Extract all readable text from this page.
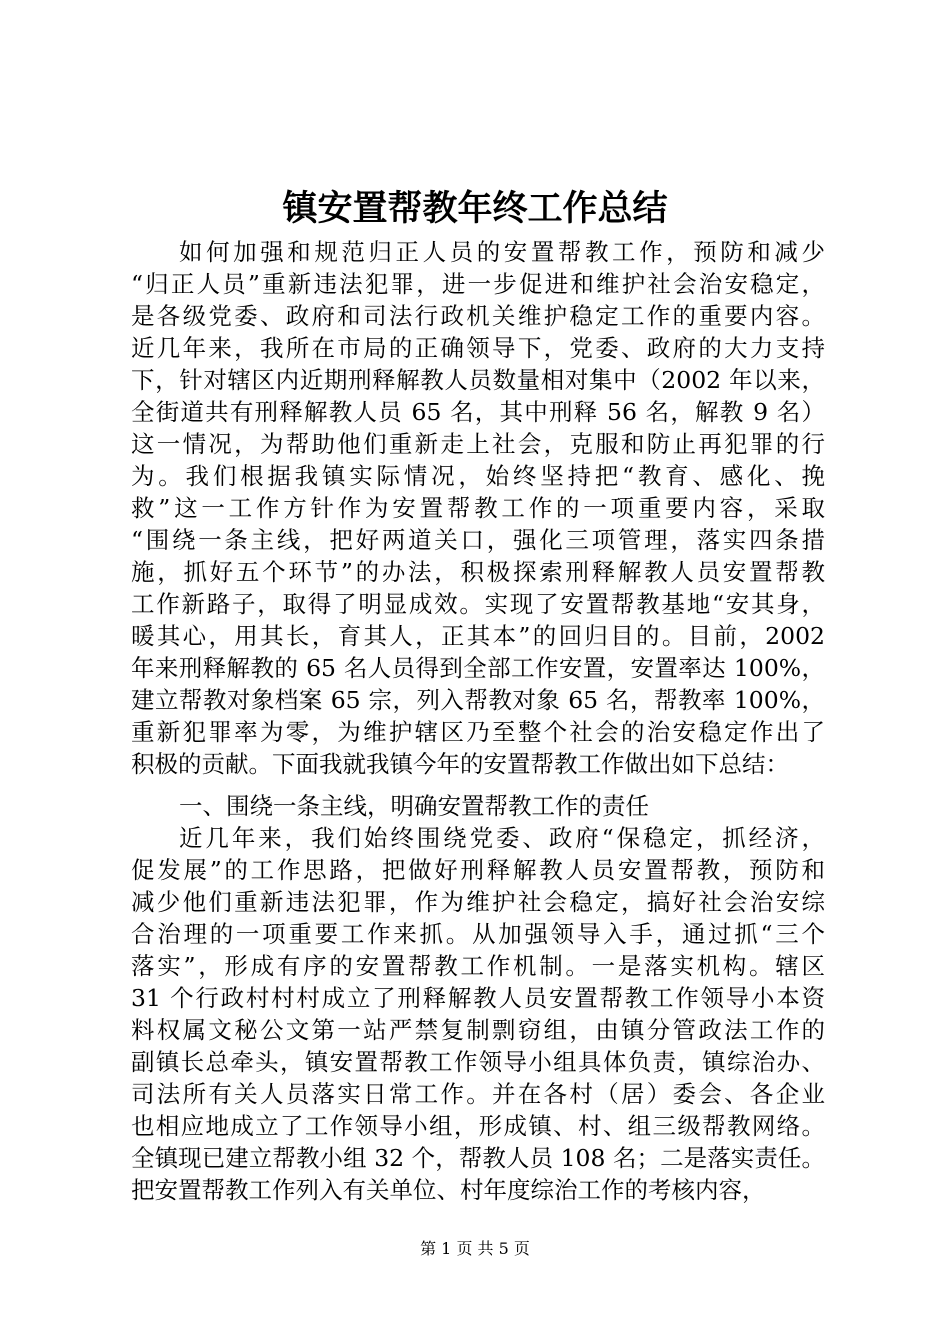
镇安置帮教年终工作总结
如何加强和规范归正人员的安置帮教工作，预防和减少
“归正人员”重新违法犯罪，进一步促进和维护社会治安稳定，
是各级党委、政府和司法行政机关维护稳定工作的重要内容。
近几年来，我所在市局的正确领导下，党委、政府的大力支持
下，针对辖区内近期刑释解教人员数量相对集中（2002 年以来，
全街道共有刑释解教人员 65 名，其中刑释 56 名，解教 9 名）
这一情况，为帮助他们重新走上社会，克服和防止再犯罪的行
为。我们根据我镇实际情况，始终坚持把“教育、感化、挽
救”这一工作方针作为安置帮教工作的一项重要内容，采取
“围绕一条主线，把好两道关口，强化三项管理，落实四条措
施，抓好五个环节”的办法，积极探索刑释解教人员安置帮教
工作新路子，取得了明显成效。实现了安置帮教基地“安其身，
暖其心，用其长，育其人，正其本”的回归目的。目前，2002
年来刑释解教的 65 名人员得到全部工作安置，安置率达 100%，
建立帮教对象档案 65 宗，列入帮教对象 65 名，帮教率 100%，
重新犯罪率为零，为维护辖区乃至整个社会的治安稳定作出了
积极的贡献。下面我就我镇今年的安置帮教工作做出如下总结：
一、围绕一条主线，明确安置帮教工作的责任
近几年来，我们始终围绕党委、政府“保稳定，抓经济，
促发展”的工作思路，把做好刑释解教人员安置帮教，预防和
减少他们重新违法犯罪，作为维护社会稳定，搞好社会治安综
合治理的一项重要工作来抓。从加强领导入手，通过抓“三个
落实”，形成有序的安置帮教工作机制。一是落实机构。辖区
31 个行政村村村成立了刑释解教人员安置帮教工作领导小本资
料权属文秘公文第一站严禁复制剽窃组，由镇分管政法工作的
副镇长总牵头，镇安置帮教工作领导小组具体负责，镇综治办、
司法所有关人员落实日常工作。并在各村（居）委会、各企业
也相应地成立了工作领导小组，形成镇、村、组三级帮教网络。
全镇现已建立帮教小组 32 个，帮教人员 108 名；二是落实责任。
把安置帮教工作列入有关单位、村年度综治工作的考核内容，
第 1 页 共 5 页
